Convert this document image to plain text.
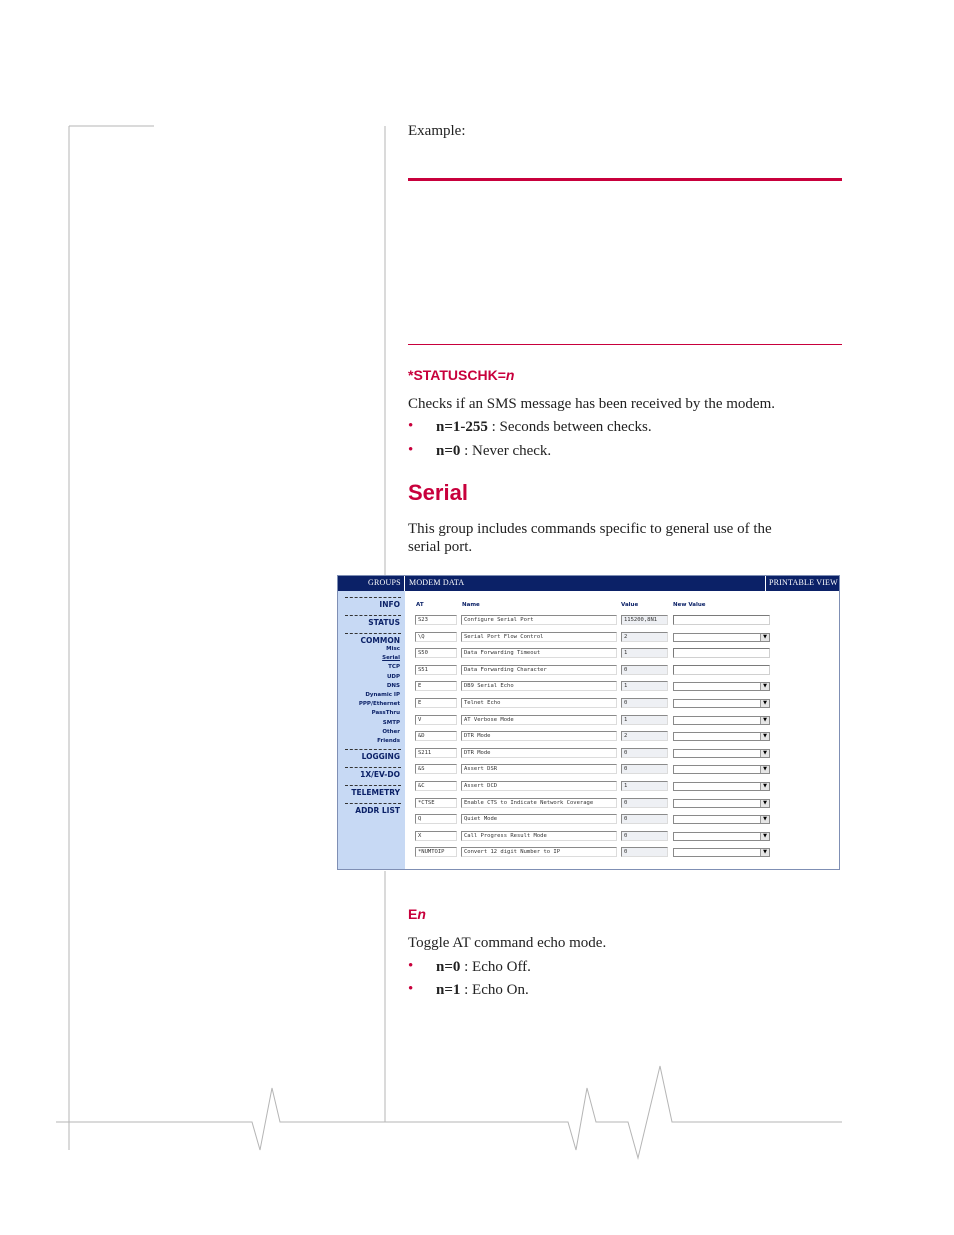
Example:
*STATUSCHK=n
Checks if an SMS message has been received by the modem.
• n=1-255 : Seconds between checks.
• n=0 : Never check.
Serial
This group includes commands specific to general use of the
serial port.
GROUPS MODEM DATA	PRINTABLE VIEW
INFO
STATUS
COMMON
Misc
Serial
TCP
UDP
DNS
Dynamic IP
PPP/Ethernet
PassThru
SMTP
Other
Friends
LOGGING
1X/EV-DO
TELEMETRY
ADDR LIST
AT	Name	Value	New Value
S23	Configure Serial Port	115200,8N1
\Q	Serial Port Flow Control	2	▼
S50	Data Forwarding Timeout	1
S51	Data Forwarding Character	0
E	DB9 Serial Echo	1	▼
E	Telnet Echo	0	▼
V	AT Verbose Mode	1	▼
&D	DTR Mode	2	▼
S211	DTR Mode	0	▼
&S	Assert DSR	0	▼
&C	Assert DCD	1	▼
*CTSE	Enable CTS to Indicate Network Coverage	0	▼
Q	Quiet Mode	0	▼
X	Call Progress Result Mode	0	▼
*NUMTOIP	Convert 12 digit Number to IP	0	▼
En
Toggle AT command echo mode.
• n=0 : Echo Off.
• n=1 : Echo On.
